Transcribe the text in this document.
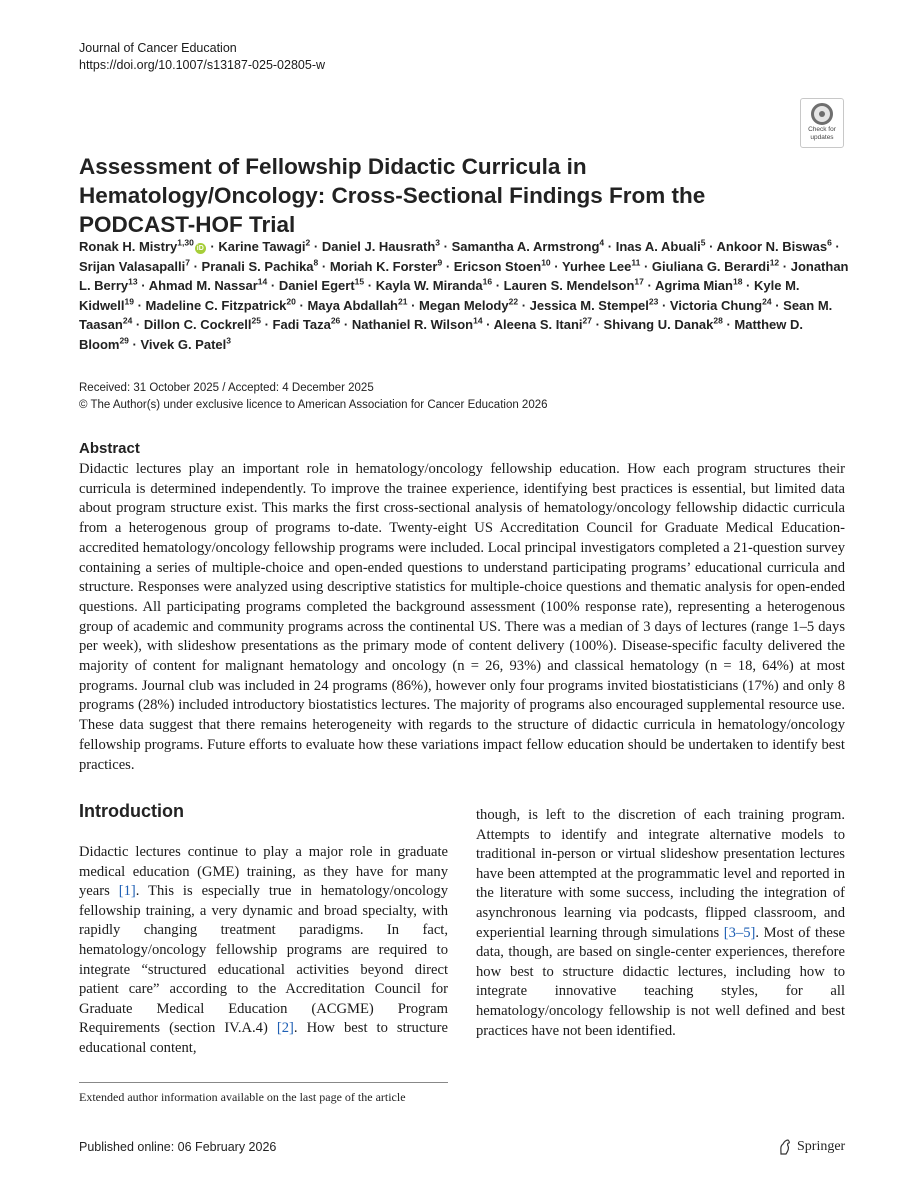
Journal of Cancer Education
https://doi.org/10.1007/s13187-025-02805-w
Check for
updates
Assessment of Fellowship Didactic Curricula in Hematology/Oncology: Cross-Sectional Findings From the PODCAST-HOF Trial
Ronak H. Mistry$^{1,30}$iD · Karine Tawagi$^2$ · Daniel J. Hausrath$^3$ · Samantha A. Armstrong$^4$ · Inas A. Abuali$^5$ · Ankoor N. Biswas$^6$ · Srijan Valasapalli$^7$ · Pranali S. Pachika$^8$ · Moriah K. Forster$^9$ · Ericson Stoen$^{10}$ · Yurhee Lee$^{11}$ · Giuliana G. Berardi$^{12}$ · Jonathan L. Berry$^{13}$ · Ahmad M. Nassar$^{14}$ · Daniel Egert$^{15}$ · Kayla W. Miranda$^{16}$ · Lauren S. Mendelson$^{17}$ · Agrima Mian$^{18}$ · Kyle M. Kidwell$^{19}$ · Madeline C. Fitzpatrick$^{20}$ · Maya Abdallah$^{21}$ · Megan Melody$^{22}$ · Jessica M. Stempel$^{23}$ · Victoria Chung$^{24}$ · Sean M. Taasan$^{24}$ · Dillon C. Cockrell$^{25}$ · Fadi Taza$^{26}$ · Nathaniel R. Wilson$^{14}$ · Aleena S. Itani$^{27}$ · Shivang U. Danak$^{28}$ · Matthew D. Bloom$^{29}$ · Vivek G. Patel$^3$
Received: 31 October 2025 / Accepted: 4 December 2025
© The Author(s) under exclusive licence to American Association for Cancer Education 2026
Abstract

Didactic lectures play an important role in hematology/oncology fellowship education. How each program structures their curricula is determined independently. To improve the trainee experience, identifying best practices is essential, but limited data about program structure exist. This marks the first cross-sectional analysis of hematology/oncology fellowship didactic curricula from a heterogenous group of programs to-date. Twenty-eight US Accreditation Council for Graduate Medical Education-accredited hematology/oncology fellowship programs were included. Local principal investigators completed a 21-question survey containing a series of multiple-choice and open-ended questions to understand participating programs’ educational curricula and structure. Responses were analyzed using descriptive statistics for multiple-choice questions and thematic analysis for open-ended questions. All participating programs completed the background assessment (100% response rate), representing a heterogenous group of academic and community programs across the continental US. There was a median of 3 days of lectures (range 1–5 days per week), with slideshow presentations as the primary mode of content delivery (100%). Disease-specific faculty delivered the majority of content for malignant hematology and oncology (n = 26, 93%) and classical hematology (n = 18, 64%) at most programs. Journal club was included in 24 programs (86%), however only four programs invited biostatisticians (17%) and only 8 programs (28%) included introductory biostatistics lectures. The majority of programs also encouraged supplemental resource use. These data suggest that there remains heterogeneity with regards to the structure of didactic curricula in hematology/oncology fellowship programs. Future efforts to evaluate how these variations impact fellow education should be undertaken to identify best practices.

Introduction

Didactic lectures continue to play a major role in graduate medical education (GME) training, as they have for many years [1]. This is especially true in hematology/oncology fellowship training, a very dynamic and broad specialty, with rapidly changing treatment paradigms. In fact, hematology/oncology fellowship programs are required to integrate “structured educational activities beyond direct patient care” according to the Accreditation Council for Graduate Medical Education (ACGME) Program Requirements (section IV.A.4) [2]. How best to structure educational content,

though, is left to the discretion of each training program. Attempts to identify and integrate alternative models to traditional in-person or virtual slideshow presentation lectures have been attempted at the programmatic level and reported in the literature with some success, including the integration of asynchronous learning via podcasts, flipped classroom, and experiential learning through simulations [3–5]. Most of these data, though, are based on single-center experiences, therefore how best to structure didactic lectures, including how to integrate innovative teaching styles, for all hematology/oncology fellowship is not well defined and best practices have not been identified.

Extended author information available on the last page of the article
Published online: 06 February 2026	Springer
